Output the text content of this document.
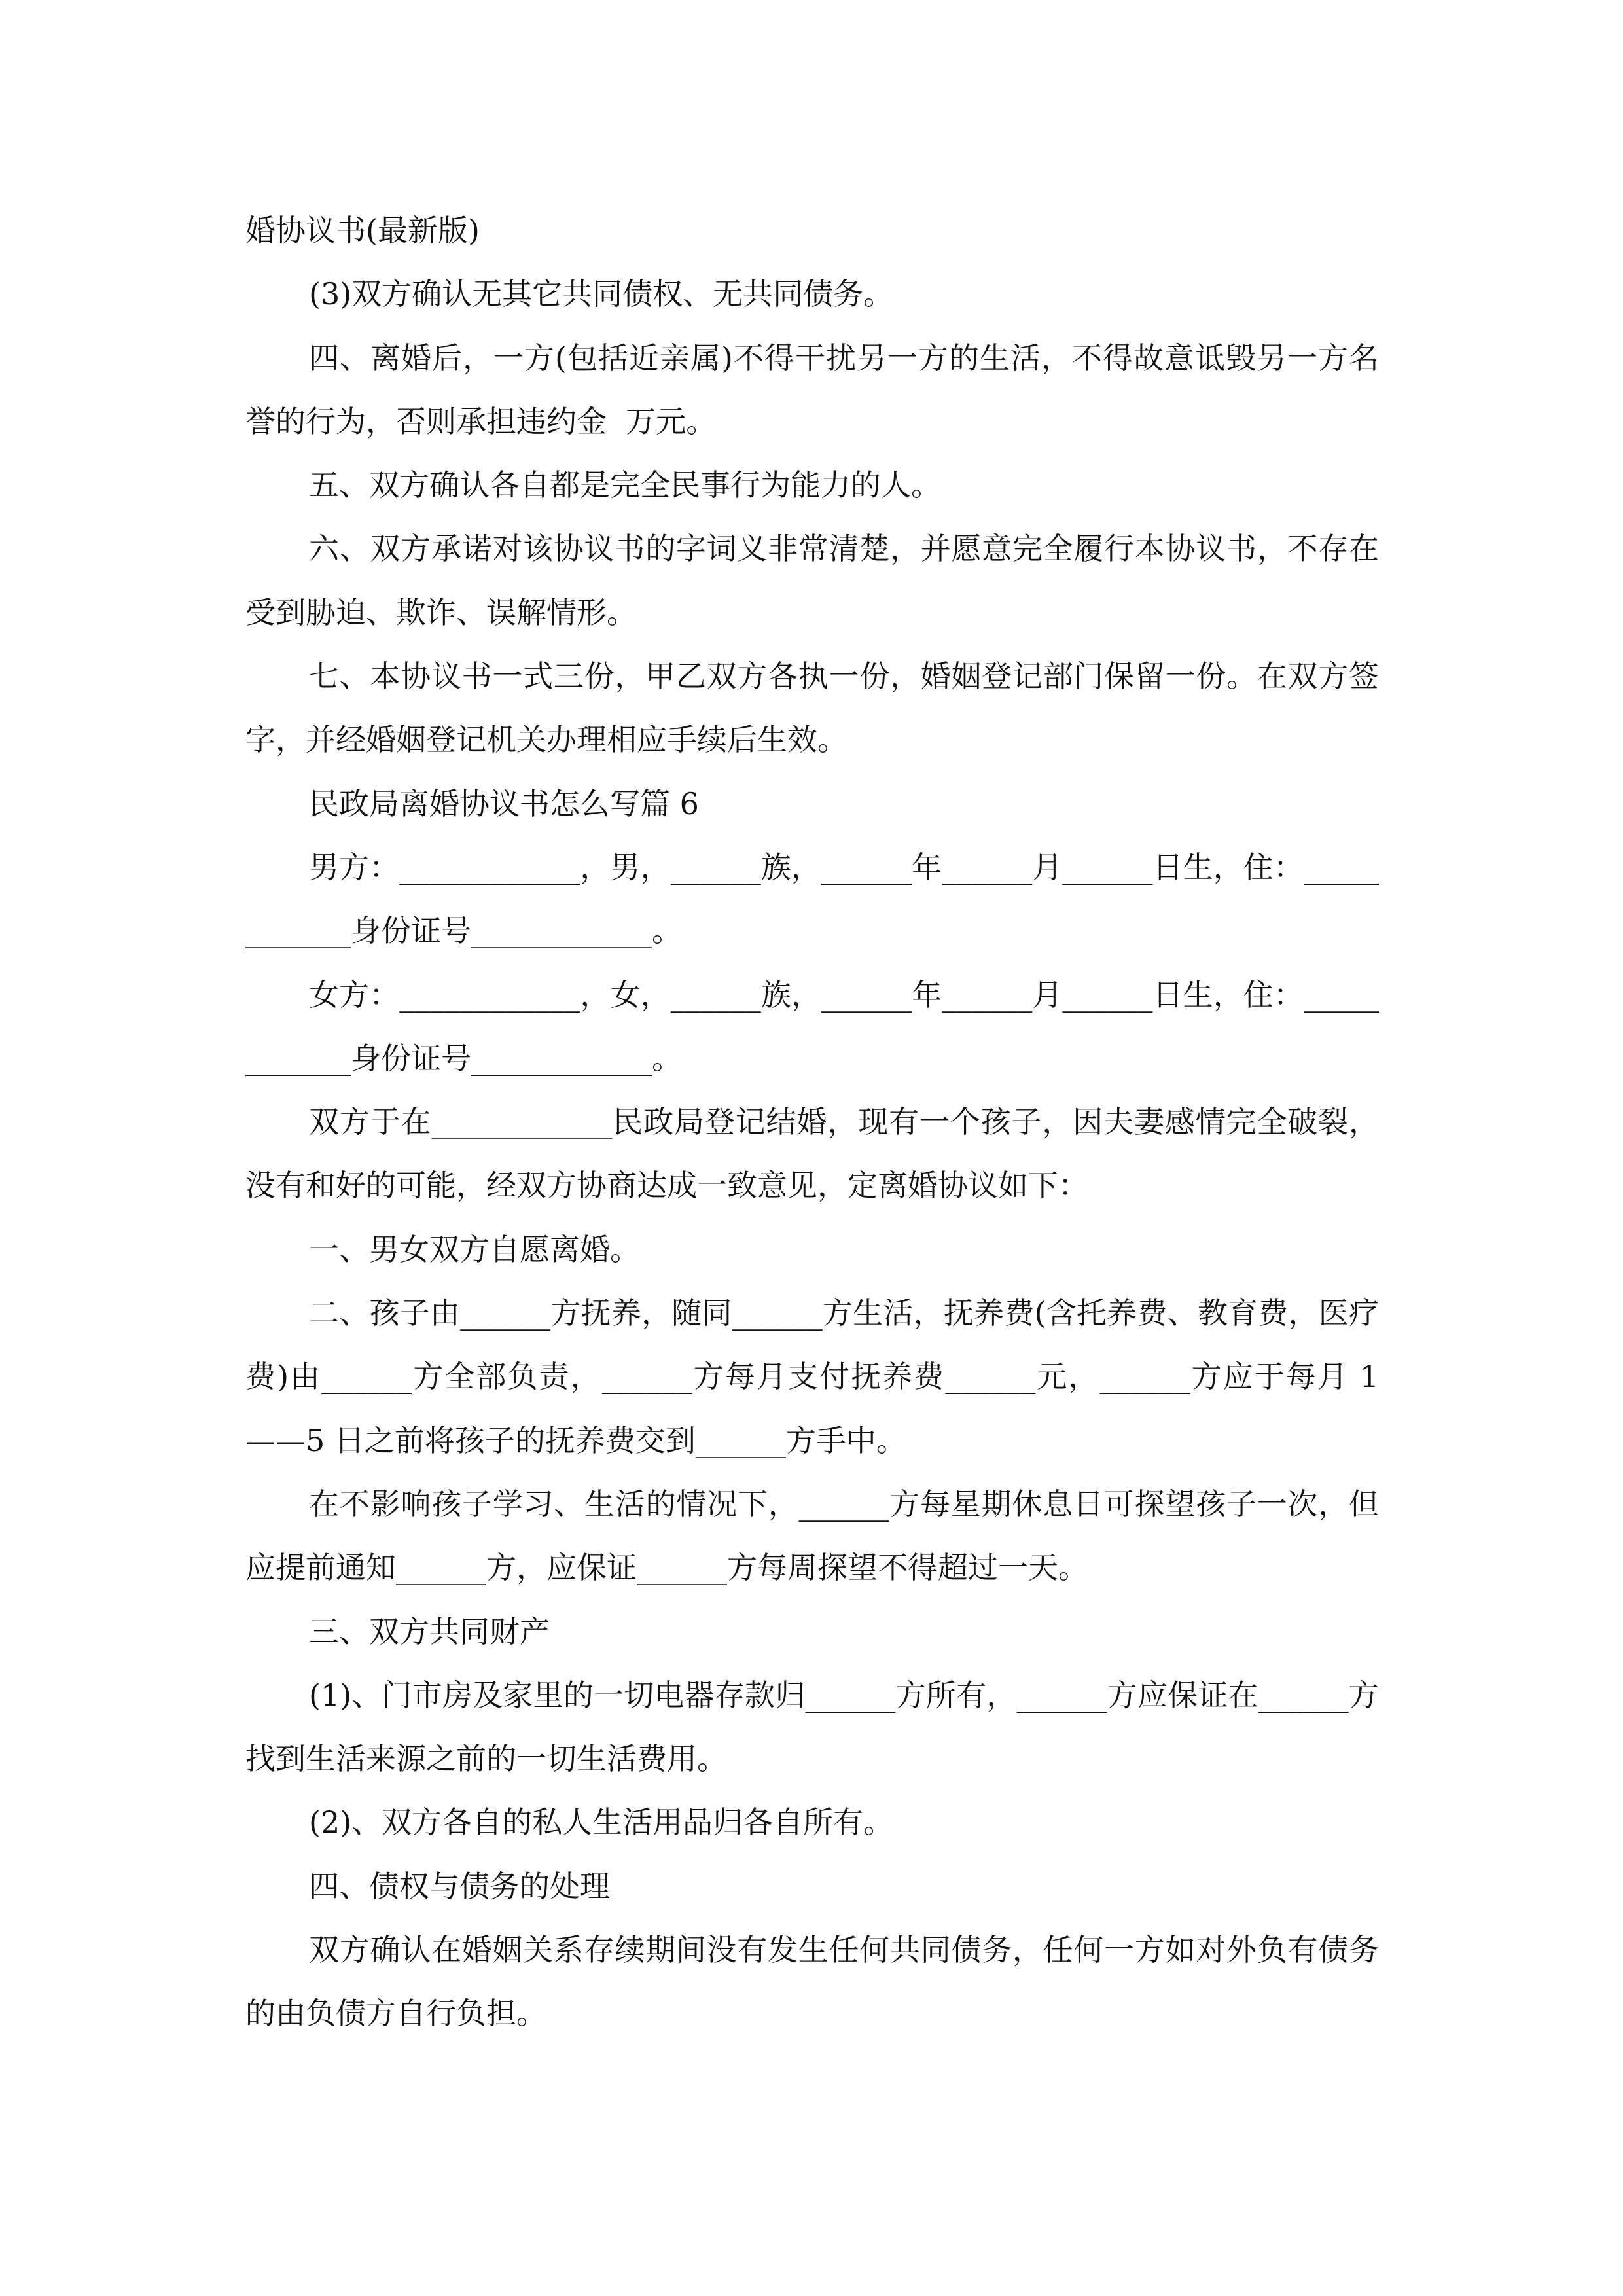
婚协议书(最新版)

(3)双方确认无其它共同债权、无共同债务。

四、离婚后，一方(包括近亲属)不得干扰另一方的生活，不得故意诋毁另一方名誉的行为，否则承担违约金  万元。

五、双方确认各自都是完全民事行为能力的人。

六、双方承诺对该协议书的字词义非常清楚，并愿意完全履行本协议书，不存在受到胁迫、欺诈、误解情形。

七、本协议书一式三份，甲乙双方各执一份，婚姻登记部门保留一份。在双方签字，并经婚姻登记机关办理相应手续后生效。

民政局离婚协议书怎么写篇 6

男方：____________，男，______族，______年______月______日生，住：____________身份证号____________。

女方：____________，女，______族，______年______月______日生，住：____________身份证号____________。

双方于在____________民政局登记结婚，现有一个孩子，因夫妻感情完全破裂，没有和好的可能，经双方协商达成一致意见，定离婚协议如下：

一、男女双方自愿离婚。

二、孩子由______方抚养，随同______方生活，抚养费(含托养费、教育费，医疗费)由______方全部负责，______方每月支付抚养费______元，______方应于每月 1——5 日之前将孩子的抚养费交到______方手中。

在不影响孩子学习、生活的情况下，______方每星期休息日可探望孩子一次，但应提前通知______方，应保证______方每周探望不得超过一天。

三、双方共同财产

(1)、门市房及家里的一切电器存款归______方所有，______方应保证在______方找到生活来源之前的一切生活费用。

(2)、双方各自的私人生活用品归各自所有。

四、债权与债务的处理

双方确认在婚姻关系存续期间没有发生任何共同债务，任何一方如对外负有债务的由负债方自行负担。
